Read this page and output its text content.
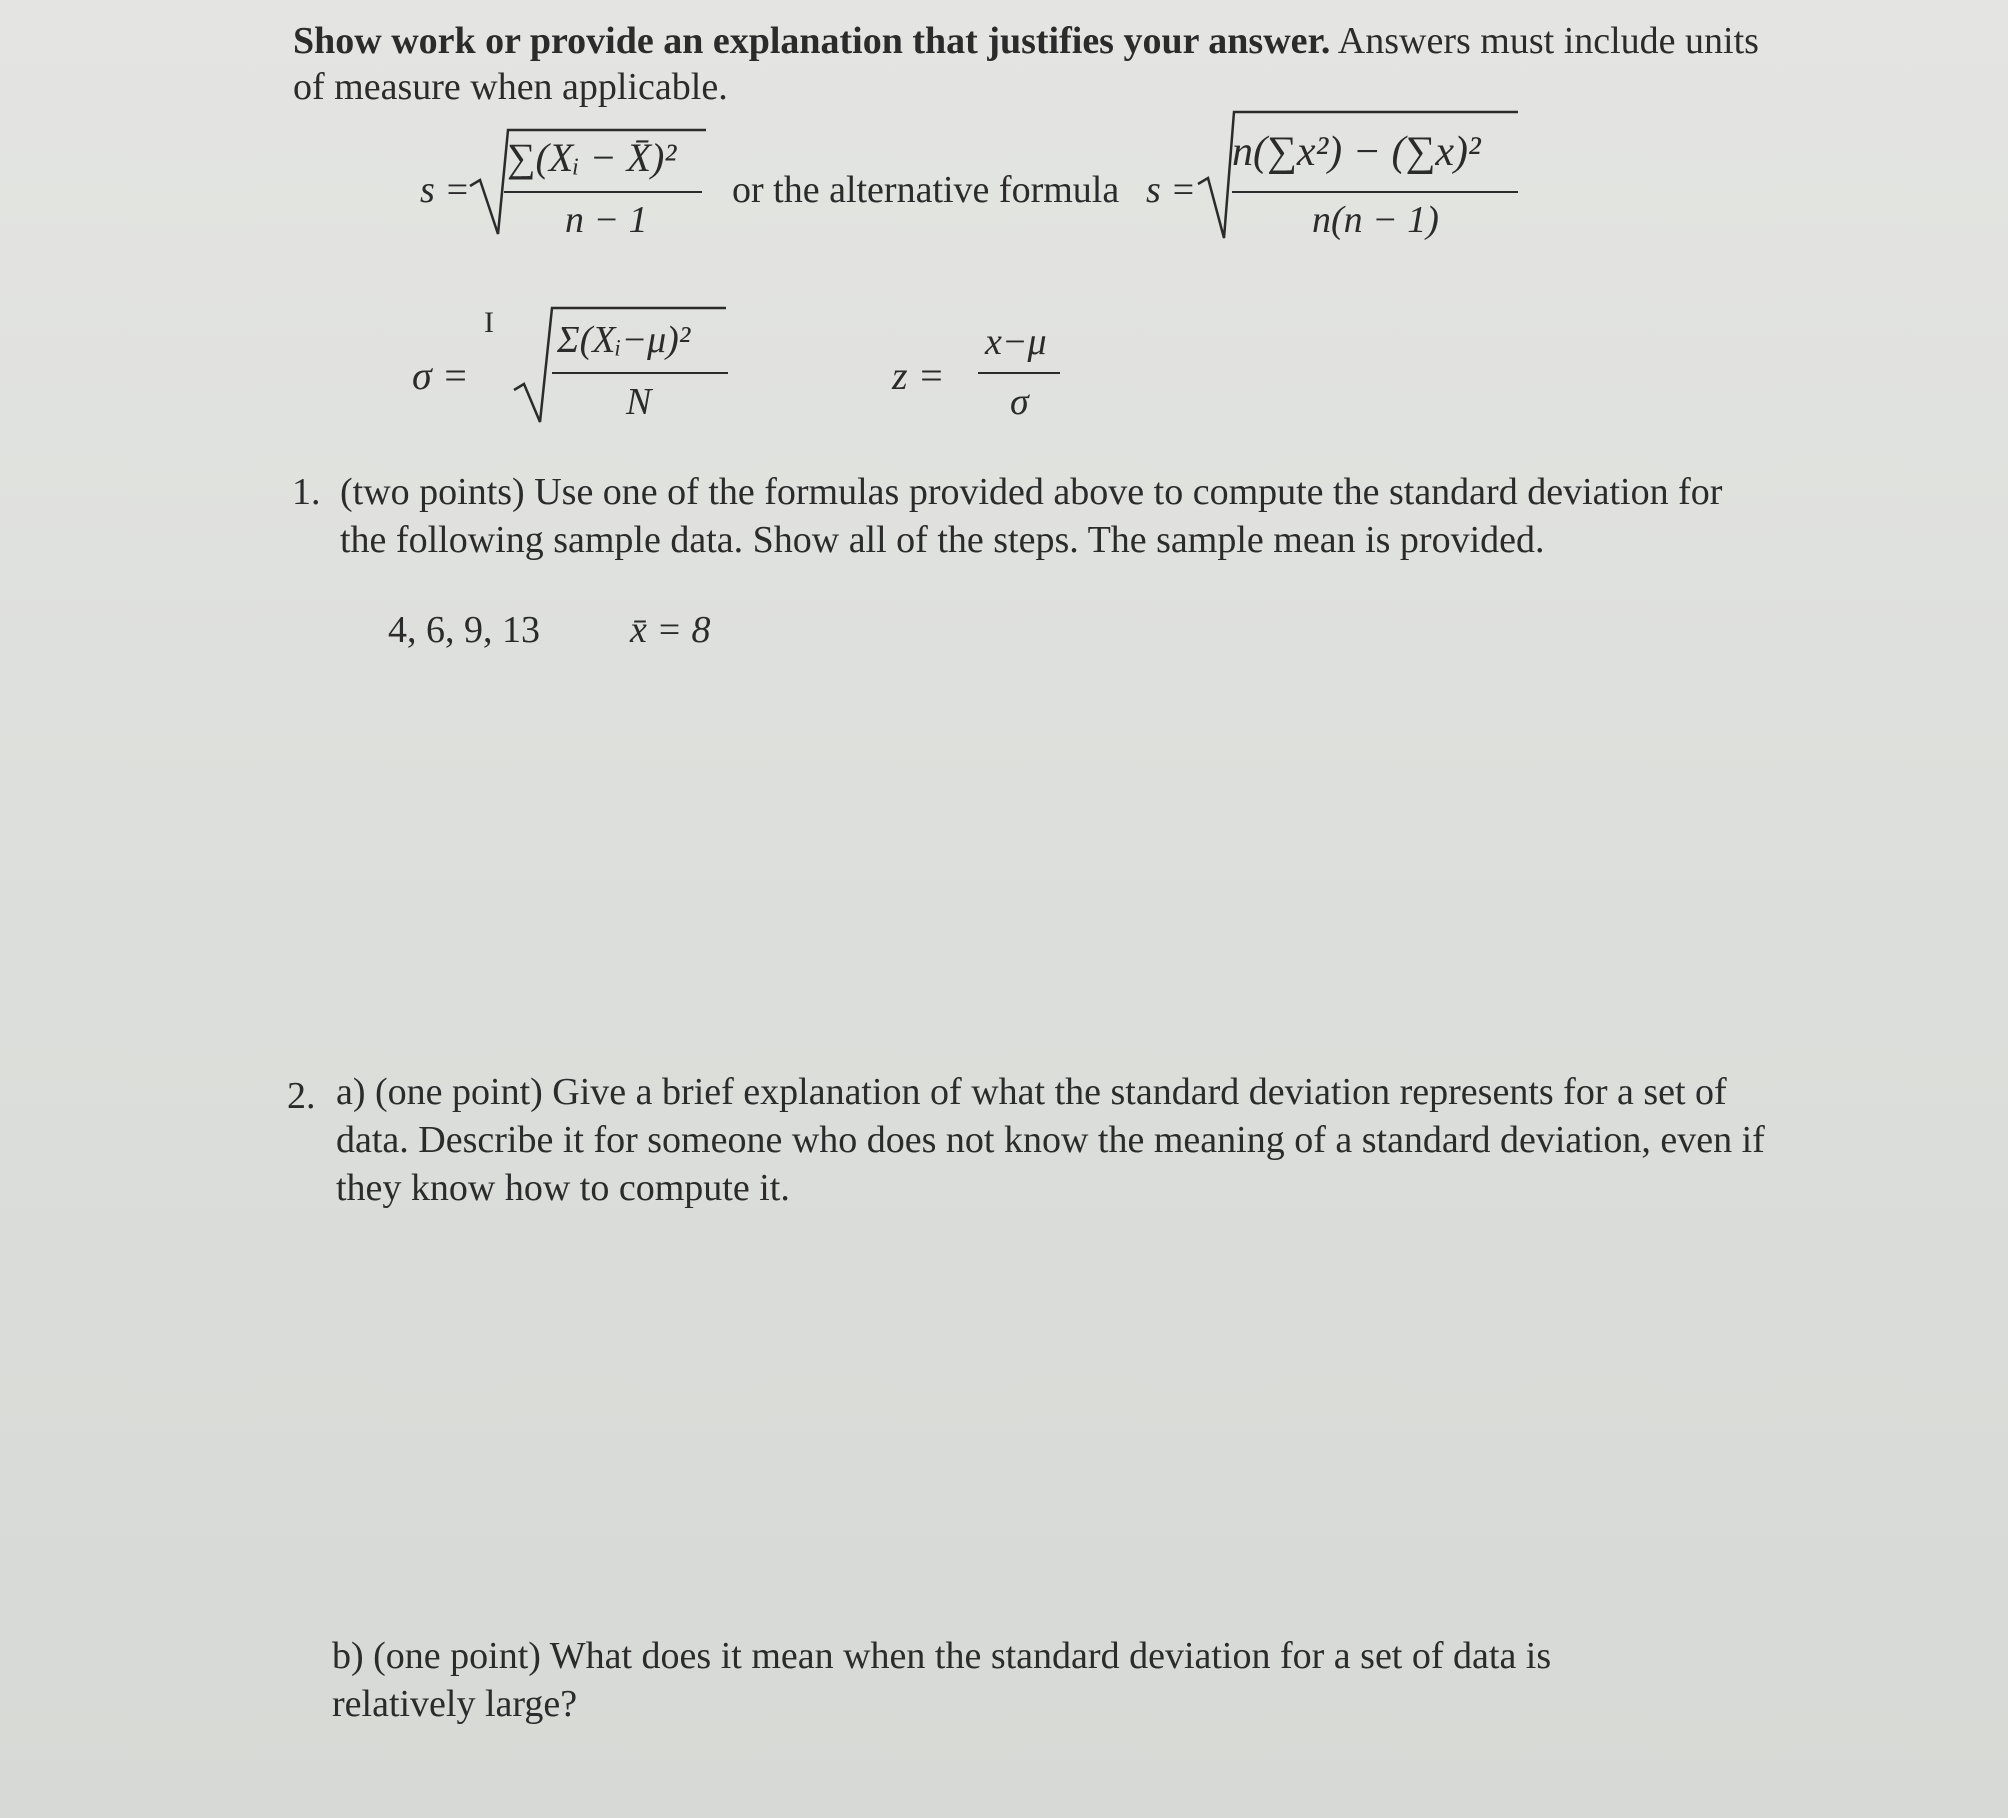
Show work or provide an explanation that justifies your answer. Answers must include units of measure when applicable.
s =
∑(Xᵢ − X̄)²
n − 1
or the alternative formula s =
n(∑x²) − (∑x)²
n(n − 1)
σ =
I Σ(Xᵢ−μ)²
N
z =
x−μ
σ
1. (two points) Use one of the formulas provided above to compute the standard deviation for the following sample data. Show all of the steps. The sample mean is provided.
4, 6, 9, 13 x̄ = 8
2. a) (one point) Give a brief explanation of what the standard deviation represents for a set of data. Describe it for someone who does not know the meaning of a standard deviation, even if they know how to compute it.
b) (one point) What does it mean when the standard deviation for a set of data is relatively large?
